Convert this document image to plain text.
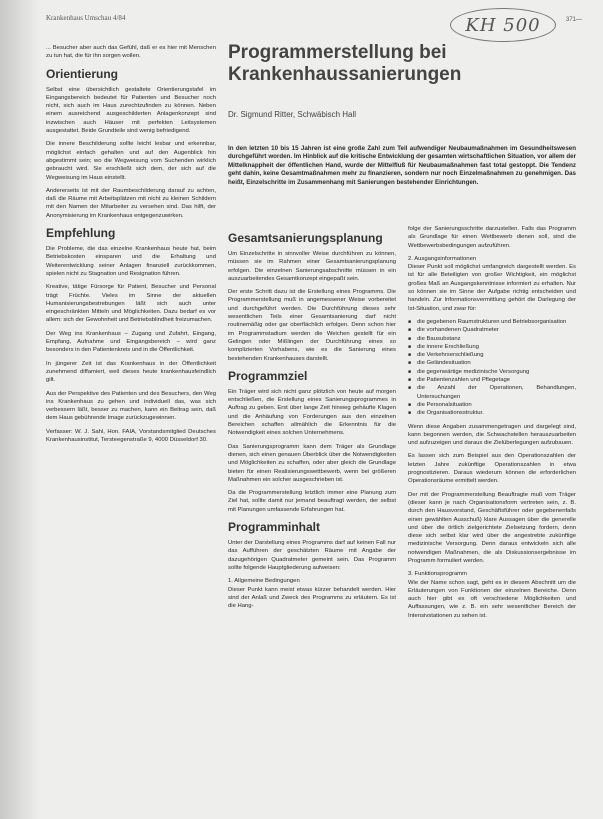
Krankenhaus Umschau 4/84	KH 500	371—
Programmerstellung bei Krankenhaussanierungen
Dr. Sigmund Ritter, Schwäbisch Hall

In den letzten 10 bis 15 Jahren ist eine große Zahl zum Teil aufwendiger Neubaumaßnahmen im Gesundheitswesen durchgeführt worden. Im Hinblick auf die kritische Entwicklung der gesamten wirtschaftlichen Situation, vor allem der Mittelknappheit der öffentlichen Hand, wurde der Mittelfluß für Neubaumaßnahmen fast total gestoppt. Die Tendenz geht dahin, keine Gesamtmaßnahmen mehr zu finanzieren, sondern nur noch Einzelmaßnahmen zu genehmigen. Das heißt, Einzelschritte im Zusammenhang mit Sanierungen bestehender Einrichtungen.

... Besucher aber auch das Gefühl, daß er es hier mit Menschen zu tun hat, die für ihn sorgen wollen.

Orientierung

Selbst eine übersichtlich gestaltete Orientierungstafel im Eingangsbereich bedeutet für Patienten und Besucher noch nicht, sich auch im Haus zurechtzufinden zu können. Neben einem ausreichend ausgeschilderten Anlagenkonzept sind inzwischen auch Häuser mit perfekten Leitsystemen ausgestattet. Beide Grundteile sind wenig befriedigend.

Die innere Beschilderung sollte leicht lesbar und erkennbar, möglichst einfach gehalten und auf den Augenblick hin abgestimmt sein; wo die Wegweisung vom Suchenden wirklich gebraucht wird. Sie erschließt sich dem, der sich auf die Wegweisung im Haus einstellt.

Andererseits ist mit der Raumbeschilderung darauf zu achten, daß die Räume mit Arbeitsplätzen mit nicht zu kleinen Schildern mit den Namen der Mitarbeiter zu versehen sind. Das hilft, der Anonymisierung im Krankenhaus entgegenzuwirken.

Empfehlung

Die Probleme, die das einzelne Krankenhaus heute hat, beim Betriebskosten einsparen und die Erhaltung und Weiterentwicklung seiner Anlagen finanziell zurückkommen, spielen nicht zu Stagnation und Resignation führen.

Kreative, tätige Fürsorge für Patient, Besucher und Personal trägt Früchte. Vieles im Sinne der aktuellen Humanisierungsbestrebungen läßt sich auch unter eingeschränkten Mitteln und Möglichkeiten. Dazu bedarf es vor allem: sich der Gewohnheit und Betriebsblindheit freizumachen.

Der Weg ins Krankenhaus – Zugang und Zufahrt, Eingang, Empfang, Aufnahme und Eingangsbereich – wird ganz besonders in den Patientenkreis und in die Öffentlichkeit.

In jüngerer Zeit ist das Krankenhaus in der Öffentlichkeit zunehmend diffamiert, weil dieses heute krankenhausfeindlich gilt.

Aus der Perspektive des Patienten und des Besuchers, den Weg ins Krankenhaus zu gehen und individuell das, was sich verbessern läßt, besser zu machen, kann ein Beitrag sein, daß dem Haus gebührende Image zurückzugewinnen.

Verfasser: W. J. Sahl, Hon. FAIA, Vorstandsmitglied Deutsches Krankenhausinstitut, Tersteegenstraße 9, 4000 Düsseldorf 30.

Gesamtsanierungsplanung

Um Einzelschritte in sinnvoller Weise durchführen zu können, müssen sie im Rahmen einer Gesamtsanierungsplanung erfolgen. Die einzelnen Sanierungsabschnitte müssen in ein auszuarbeitendes Gesamtkonzept eingepaßt sein.

Der erste Schritt dazu ist die Erstellung eines Programms. Die Programmerstellung muß in angemessener Weise vorbereitet und durchgeführt werden. Die Durchführung dieses sehr wesentlichen Teils einer Gesamtsanierung darf nicht routinemäßig oder gar oberflächlich erfolgen. Denn schon hier im Programmstadium werden die Weichen gestellt für ein Gelingen oder Mißlingen der Durchführung eines so komplizierten Vorhabens, wie es die Sanierung eines bestehenden Krankenhauses darstellt.

Programmziel

Ein Träger wird sich nicht ganz plötzlich von heute auf morgen entschließen, die Erstellung eines Sanierungsprogrammes in Auftrag zu geben. Erst über lange Zeit hinweg gehäufte Klagen und die Anhäufung von Forderungen aus den einzelnen Bereichen schaffen allmählich die Erkenntnis für die Notwendigkeit eines solchen Unternehmens.

Das Sanierungsprogramm kann dem Träger als Grundlage dienen, sich einen genauen Überblick über die Notwendigkeiten und Möglichkeiten zu schaffen, oder aber gleich die Grundlage bieten für einen Realisierungswettbewerb, wenn bei größeren Maßnahmen ein solcher ausgeschrieben ist.

Da die Programmerstellung letztlich immer eine Planung zum Ziel hat, sollte damit nur jemand beauftragt werden, der selbst mit Planungen umfassende Erfahrungen hat.

Programminhalt

Unter der Darstellung eines Programms darf auf keinen Fall nur das Aufführen der geschätzten Räume mit Angabe der dazugehörigen Quadratmeter gemeint sein. Das Programm sollte folgende Hauptgliederung aufweisen:

1. Allgemeine Bedingungen

Dieser Punkt kann meist etwas kürzer behandelt werden. Hier sind der Anlaß und Zweck des Programms zu erläutern. Es ist die Hang-

folge der Sanierungsschritte darzustellen. Falls das Programm als Grundlage für einen Wettbewerb dienen soll, sind die Wettbewerbsbedingungen aufzuführen.

2. Ausgangsinformationen

Dieser Punkt soll möglichst umfangreich dargestellt werden. Es ist für alle Beteiligten von großer Wichtigkeit, ein möglichst großes Maß an Ausgangskenntnisse informiert zu erhalten. Nur so können sie im Sinne der Aufgabe richtig entscheiden und handeln. Zur Informationsvermittlung gehört die Darlegung der Ist-Situation, und zwar für:

■ die gegebenen Raumstrukturen und Betriebsorganisation
■ die vorhandenen Quadratmeter
■ die Bausubstanz
■ die innere Erschließung
■ die Verkehrserschließung
■ die Geländesituation
■ die gegenwärtige medizinische Versorgung
■ die Patientenzahlen und Pflegetage
■ die Anzahl der Operationen, Behandlungen, Untersuchungen
■ die Personalsituation
■ die Organisationsstruktur.

Wenn diese Angaben zusammengetragen und dargelegt sind, kann begonnen werden, die Schwachstellen herauszuarbeiten und aufzuzeigen und daraus die Zielüberlegungen aufzubauen.

Es lassen sich zum Beispiel aus den Operationszahlen der letzten Jahre zukünftige Operationszahlen in etwa prognostizieren. Daraus wiederum können die erforderlichen Operationsräume ermittelt werden.

Der mit der Programmerstellung Beauftragte muß vom Träger (dieser kann je nach Organisationsform vertreten sein, z. B. durch den Hausvorstand, Geschäftsführer oder gegebenenfalls einen gewählten Ausschuß) klare Aussagen über die generelle und über die örtlich zielgerichtete Zielsetzung fordern, denn diese sich selbst klar wird über die angestrebte zukünftige medizinische Versorgung. Denn daraus entwickeln sich alle notwendigen Maßnahmen, die als Diskussionsergebnisse im Programm formuliert werden.

3. Funktionsprogramm

Wie der Name schon sagt, geht es in diesem Abschnitt um die Erläuterungen von Funktionen der einzelnen Bereiche. Denn auch hier gibt es oft verschiedene Möglichkeiten und Auffassungen, wie z. B. ein sehr wesentlicher Bereich der Intensivstationen zu sehen ist.
